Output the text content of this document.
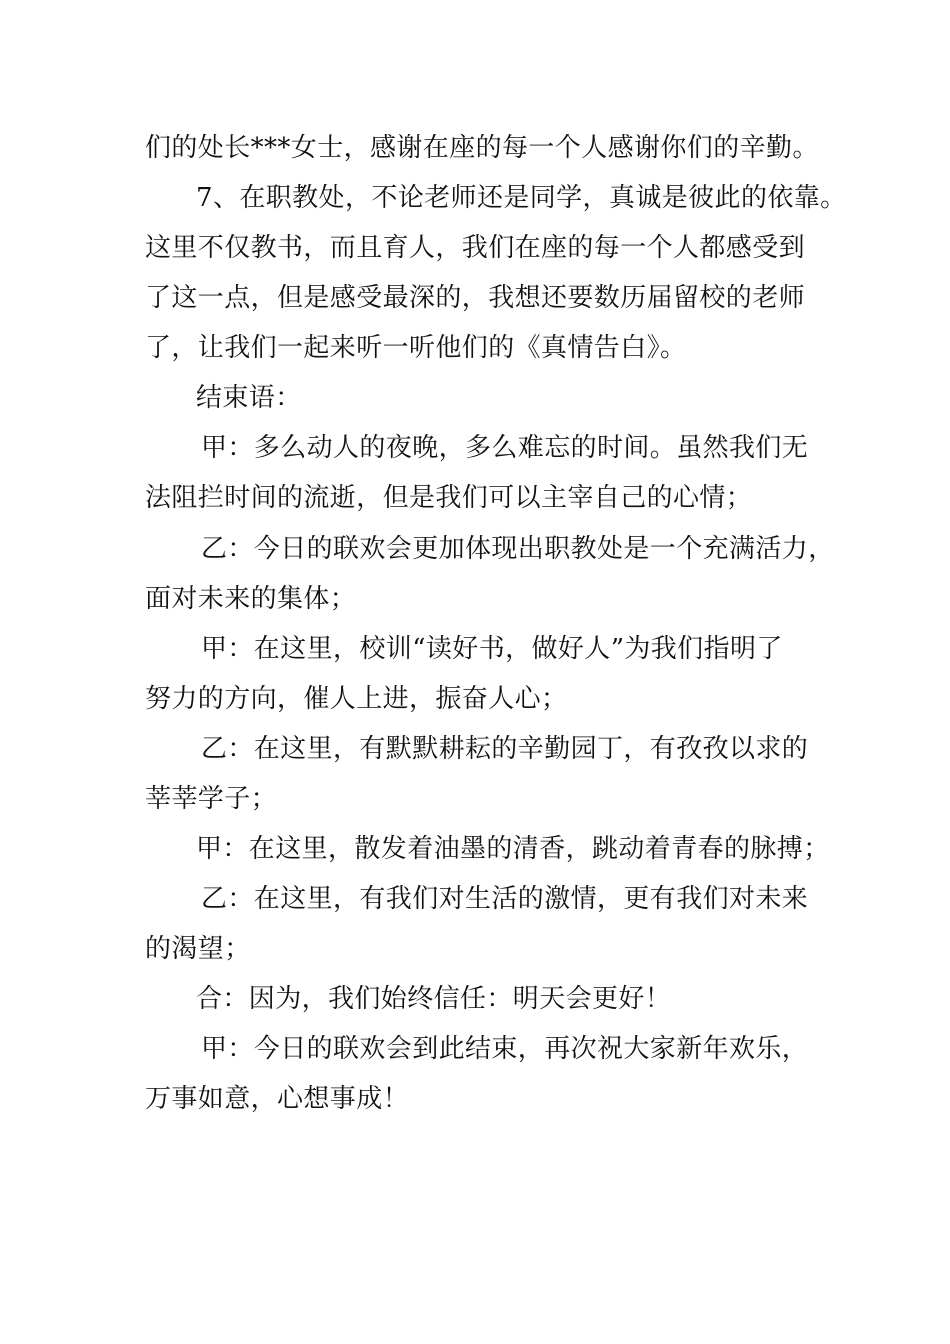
们的处长***女士，感谢在座的每一个人感谢你们的辛勤。
7、在职教处，不论老师还是同学，真诚是彼此的依靠。
这里不仅教书，而且育人，我们在座的每一个人都感受到
了这一点，但是感受最深的，我想还要数历届留校的老师
了，让我们一起来听一听他们的《真情告白》。
结束语：
甲：多么动人的夜晚，多么难忘的时间。虽然我们无
法阻拦时间的流逝，但是我们可以主宰自己的心情；
乙：今日的联欢会更加体现出职教处是一个充满活力，
面对未来的集体；
甲：在这里，校训“读好书，做好人”为我们指明了
努力的方向，催人上进，振奋人心；
乙：在这里，有默默耕耘的辛勤园丁，有孜孜以求的
莘莘学子；
甲：在这里，散发着油墨的清香，跳动着青春的脉搏；
乙：在这里，有我们对生活的激情，更有我们对未来
的渴望；
合：因为，我们始终信任：明天会更好！
甲：今日的联欢会到此结束，再次祝大家新年欢乐，
万事如意，心想事成！
